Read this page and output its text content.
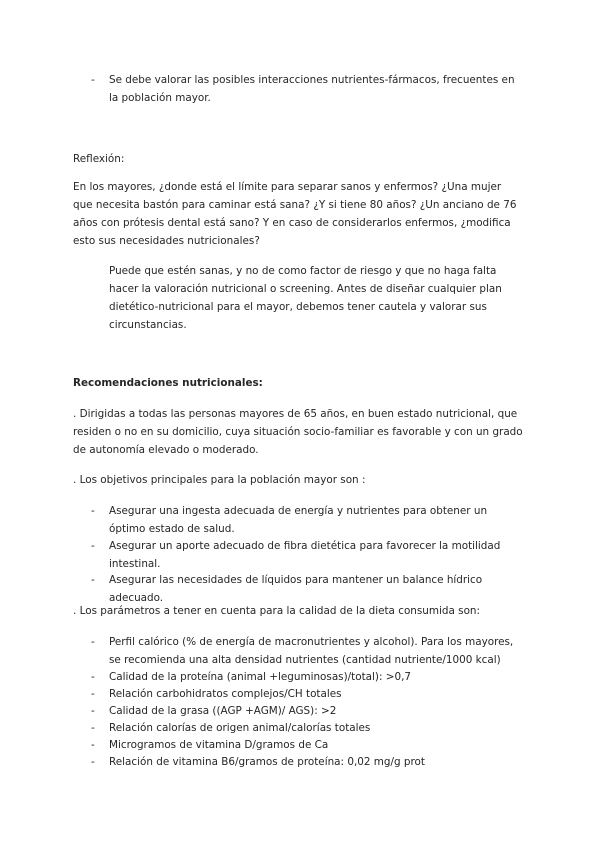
-	Se debe valorar las posibles interacciones nutrientes-fármacos, frecuentes en la población mayor.

Reflexión:

En los mayores, ¿donde está el límite para separar sanos y enfermos? ¿Una mujer que necesita bastón para caminar está sana? ¿Y si tiene 80 años? ¿Un anciano de 76 años con prótesis dental está sano? Y en caso de considerarlos enfermos, ¿modifica esto sus necesidades nutricionales?

Puede que estén sanas, y no de como factor de riesgo y que no haga falta hacer la valoración nutricional o screening. Antes de diseñar cualquier plan dietético-nutricional para el mayor, debemos tener cautela y valorar sus circunstancias.

Recomendaciones nutricionales:

. Dirigidas a todas las personas mayores de 65 años, en buen estado nutricional, que residen o no en su domicilio, cuya situación socio-familiar es favorable y con un grado de autonomía elevado o moderado.

. Los objetivos principales para la población mayor son :

-	Asegurar una ingesta adecuada de energía y nutrientes para obtener un óptimo estado de salud.
-	Asegurar un aporte adecuado de fibra dietética para favorecer la motilidad intestinal.
-	Asegurar las necesidades de líquidos para mantener un balance hídrico adecuado.

. Los parámetros a tener en cuenta para la calidad de la dieta consumida son:

-	Perfil calórico (% de energía de macronutrientes y alcohol). Para los mayores, se recomienda una alta densidad nutrientes (cantidad nutriente/1000 kcal)
-	Calidad de la proteína (animal +leguminosas)/total): >0,7
-	Relación carbohidratos complejos/CH totales
-	Calidad de la grasa ((AGP +AGM)/ AGS): >2
-	Relación calorías de origen animal/calorías totales
-	Microgramos de vitamina D/gramos de Ca
-	Relación de vitamina B6/gramos de proteína: 0,02 mg/g prot
